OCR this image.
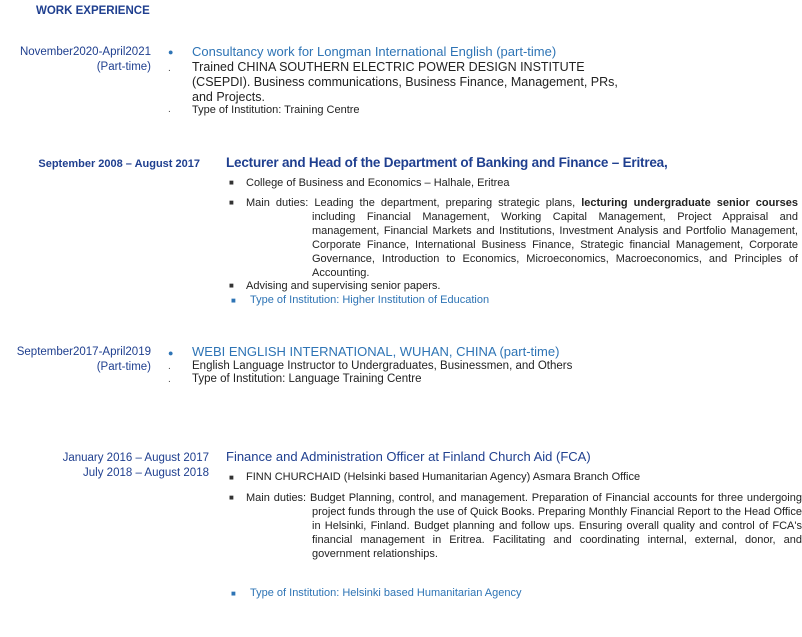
WORK EXPERIENCE
November2020-April2021
(Part-time)
● Consultancy work for Longman International English (part-time)
. Trained CHINA SOUTHERN ELECTRIC POWER DESIGN INSTITUTE
(CSEPDI). Business communications, Business Finance, Management, PRs,
and Projects.
. Type of Institution: Training Centre
September 2008 – August 2017 Lecturer and Head of the Department of Banking and Finance – Eritrea,
■ College of Business and Economics – Halhale, Eritrea
■ Main duties: Leading the department, preparing strategic plans, lecturing undergraduate senior courses including Financial Management, Working Capital Management, Project Appraisal and management, Financial Markets and Institutions, Investment Analysis and Portfolio Management, Corporate Finance, International Business Finance, Strategic financial Management, Corporate Governance, Introduction to Economics, Microeconomics, Macroeconomics, and Principles of Accounting.
■ Advising and supervising senior papers.
■ Type of Institution: Higher Institution of Education
September2017-April2019
(Part-time)
● WEBI ENGLISH INTERNATIONAL, WUHAN, CHINA (part-time)
. English Language Instructor to Undergraduates, Businessmen, and Others
. Type of Institution: Language Training Centre
January 2016 – August 2017
July 2018 – August 2018
Finance and Administration Officer at Finland Church Aid (FCA)
■ FINN CHURCHAID (Helsinki based Humanitarian Agency) Asmara Branch Office
■ Main duties: Budget Planning, control, and management. Preparation of Financial accounts for three undergoing project funds through the use of Quick Books. Preparing Monthly Financial Report to the Head Office in Helsinki, Finland. Budget planning and follow ups. Ensuring overall quality and control of FCA's financial management in Eritrea. Facilitating and coordinating internal, external, donor, and government relationships.
■ Type of Institution: Helsinki based Humanitarian Agency
